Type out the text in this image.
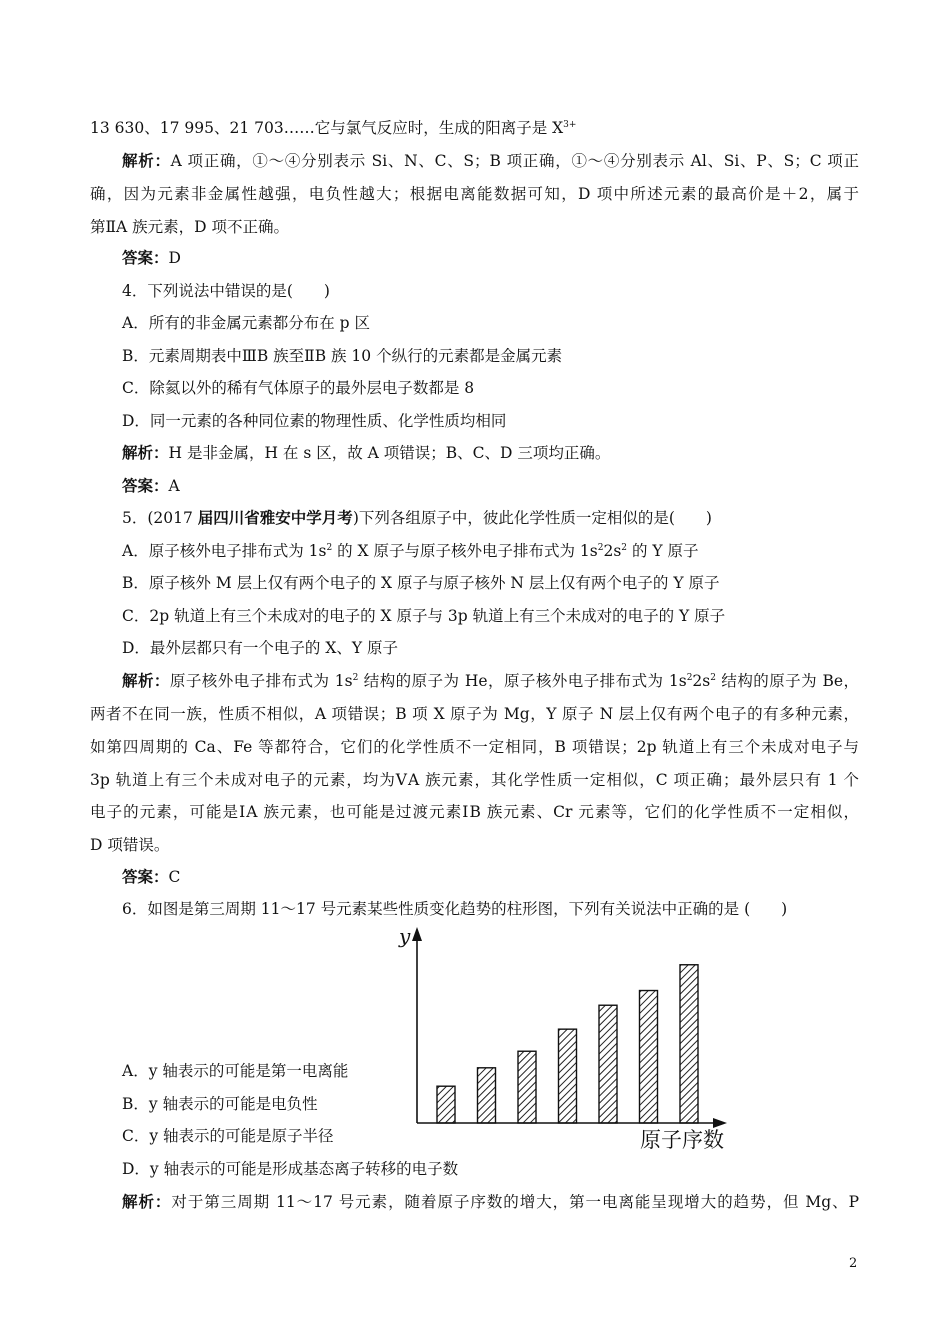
13 630、17 995、21 703……它与氯气反应时，生成的阳离子是 $X^{3+}$
解析：A 项正确，①～④分别表示 Si、N、C、S；B 项正确，①～④分别表示 Al、Si、P、S；C 项正
确，因为元素非金属性越强，电负性越大；根据电离能数据可知，D 项中所述元素的最高价是＋2，属于
第ⅡA 族元素，D 项不正确。
答案：D
4．下列说法中错误的是(　　)
A．所有的非金属元素都分布在 p 区
B．元素周期表中ⅢB 族至ⅡB 族 10 个纵行的元素都是金属元素
C．除氦以外的稀有气体原子的最外层电子数都是 8
D．同一元素的各种同位素的物理性质、化学性质均相同
解析：H 是非金属，H 在 s 区，故 A 项错误；B、C、D 三项均正确。
答案：A
5．(2017 届四川省雅安中学月考)下列各组原子中，彼此化学性质一定相似的是(　　)
A．原子核外电子排布式为 $1s^2$ 的 X 原子与原子核外电子排布式为 $1s^22s^2$ 的 Y 原子
B．原子核外 M 层上仅有两个电子的 X 原子与原子核外 N 层上仅有两个电子的 Y 原子
C．2p 轨道上有三个未成对的电子的 X 原子与 3p 轨道上有三个未成对的电子的 Y 原子
D．最外层都只有一个电子的 X、Y 原子
解析：原子核外电子排布式为 $1s^2$ 结构的原子为 He，原子核外电子排布式为 $1s^22s^2$ 结构的原子为 Be，
两者不在同一族，性质不相似，A 项错误；B 项 X 原子为 Mg，Y 原子 N 层上仅有两个电子的有多种元素，
如第四周期的 Ca、Fe 等都符合，它们的化学性质不一定相同，B 项错误；2p 轨道上有三个未成对电子与
3p 轨道上有三个未成对电子的元素，均为ⅤA 族元素，其化学性质一定相似，C 项正确；最外层只有 1 个
电子的元素，可能是ⅠA 族元素，也可能是过渡元素ⅠB 族元素、Cr 元素等，它们的化学性质不一定相似，
D 项错误。
答案：C
6．如图是第三周期 11～17 号元素某些性质变化趋势的柱形图，下列有关说法中正确的是 (　　)
y
原子序数
A．y 轴表示的可能是第一电离能
B．y 轴表示的可能是电负性
C．y 轴表示的可能是原子半径
D．y 轴表示的可能是形成基态离子转移的电子数
解析：对于第三周期 11～17 号元素，随着原子序数的增大，第一电离能呈现增大的趋势，但 Mg、P
2
